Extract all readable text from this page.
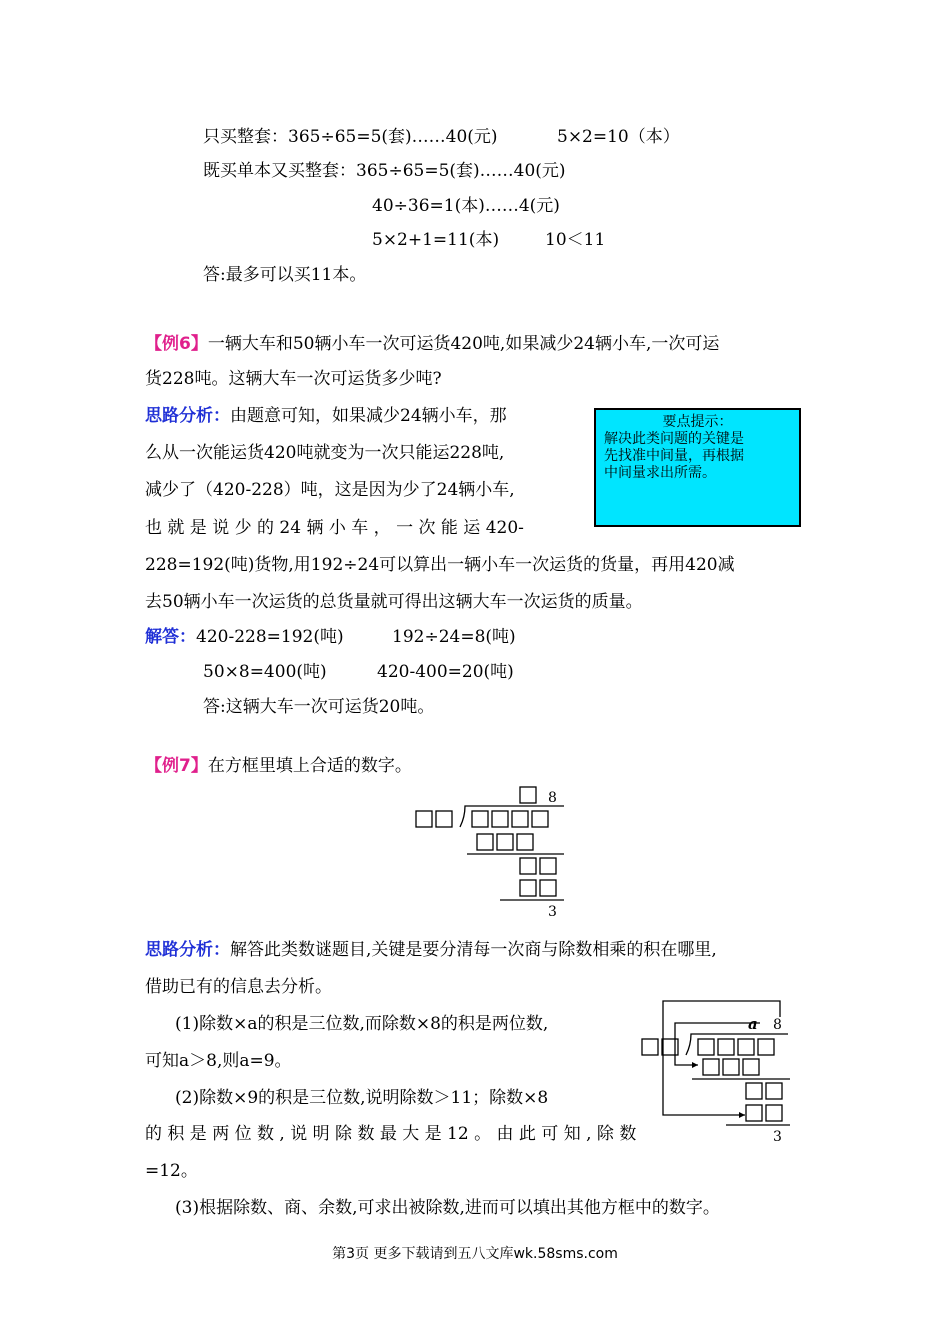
只买整套：365÷65=5(套)……40(元)	5×2=10（本）
既买单本又买整套：365÷65=5(套)……40(元)
40÷36=1(本)……4(元)
5×2+1=11(本)	10＜11
答:最多可以买11本。
【例6】一辆大车和50辆小车一次可运货420吨,如果减少24辆小车,一次可运
货228吨。这辆大车一次可运货多少吨?
思路分析：由题意可知，如果减少24辆小车，那
么从一次能运货420吨就变为一次只能运228吨,
减少了（420-228）吨，这是因为少了24辆小车,
也 就 是 说 少 的 24 辆 小 车 ， 一 次 能 运 420-
228=192(吨)货物,用192÷24可以算出一辆小车一次运货的货量，再用420减
去50辆小车一次运货的总货量就可得出这辆大车一次运货的质量。
要点提示：
解决此类问题的关键是
先找准中间量，再根据
中间量求出所需。
解答：420-228=192(吨)	192÷24=8(吨)
50×8=400(吨)	420-400=20(吨)
答:这辆大车一次可运货20吨。
【例7】在方框里填上合适的数字。
8
3
思路分析：解答此类数谜题目,关键是要分清每一次商与除数相乘的积在哪里,
借助已有的信息去分析。
(1)除数×a的积是三位数,而除数×8的积是两位数,
可知a＞8,则a=9。
(2)除数×9的积是三位数,说明除数＞11；除数×8
的 积 是 两 位 数 , 说 明 除 数 最 大 是 12 。 由 此 可 知 , 除 数
=12。
(3)根据除数、商、余数,可求出被除数,进而可以填出其他方框中的数字。
a 8
3
第3页 更多下载请到五八文库wk.58sms.com
